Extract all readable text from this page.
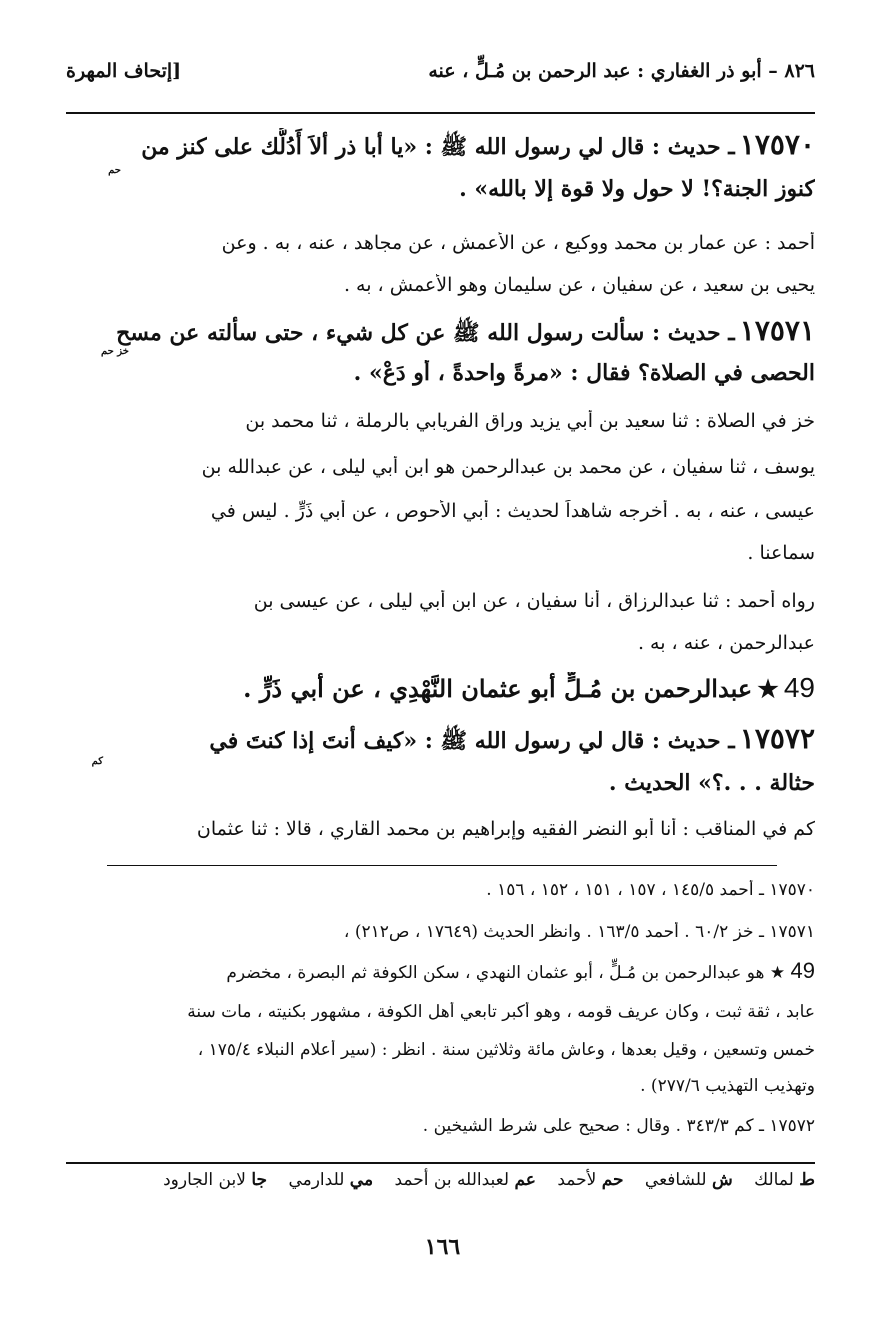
٨٢٦ – أبو ذر الغفاري : عبد الرحمن بن مُـلٍّ ، عنه
[إتحاف المهرة
١٧٥٧٠ ـ حديث : قال لي رسول الله ﷺ : «يا أبا ذر ألاَ أَدُلُّك على كنز من
حم
كنوز الجنة؟! لا حول ولا قوة إلا بالله» .
أحمد : عن عمار بن محمد ووكيع ، عن الأعمش ، عن مجاهد ، عنه ، به . وعن
يحيى بن سعيد ، عن سفيان ، عن سليمان وهو الأعمش ، به .
١٧٥٧١ ـ حديث : سألت رسول الله ﷺ عن كل شيء ، حتى سألته عن مسح
خز حم
الحصى في الصلاة؟ فقال : «مرةً واحدةً ، أو دَعْ» .
خز في الصلاة : ثنا سعيد بن أبي يزيد وراق الفريابي بالرملة ، ثنا محمد بن
يوسف ، ثنا سفيان ، عن محمد بن عبدالرحمن هو ابن أبي ليلى ، عن عبدالله بن
عيسى ، عنه ، به . أخرجه شاهداً لحديث : أبي الأحوص ، عن أبي ذَرٍّ . ليس في
سماعنا .
رواه أحمد : ثنا عبدالرزاق ، أنا سفيان ، عن ابن أبي ليلى ، عن عيسى بن
عبدالرحمن ، عنه ، به .
49 ★ عبدالرحمن بن مُـلٍّ أبو عثمان النَّهْدِي ، عن أبي ذَرٍّ .
١٧٥٧٢ ـ حديث : قال لي رسول الله ﷺ : «كيف أنتَ إذا كنتَ في
كم
حثالة . . .؟» الحديث .
كم في المناقب : أنا أبو النضر الفقيه وإبراهيم بن محمد القاري ، قالا : ثنا عثمان
١٧٥٧٠ ـ أحمد ١٤٥/٥ ، ١٥٧ ، ١٥١ ، ١٥٢ ، ١٥٦ .
١٧٥٧١ ـ خز ٦٠/٢ . أحمد ١٦٣/٥ . وانظر الحديث (١٧٦٤٩ ، ص٢١٢) ،
49 ★ هو عبدالرحمن بن مُـلٍّ ، أبو عثمان النهدي ، سكن الكوفة ثم البصرة ، مخضرم
عابد ، ثقة ثبت ، وكان عريف قومه ، وهو أكبر تابعي أهل الكوفة ، مشهور بكنيته ، مات سنة
خمس وتسعين ، وقيل بعدها ، وعاش مائة وثلاثين سنة . انظر : (سير أعلام النبلاء ١٧٥/٤ ،
وتهذيب التهذيب ٢٧٧/٦) .
١٧٥٧٢ ـ كم ٣٤٣/٣ . وقال : صحيح على شرط الشيخين .
ط لمالك ش للشافعي حم لأحمد عم لعبدالله بن أحمد مي للدارمي جا لابن الجارود
١٦٦
